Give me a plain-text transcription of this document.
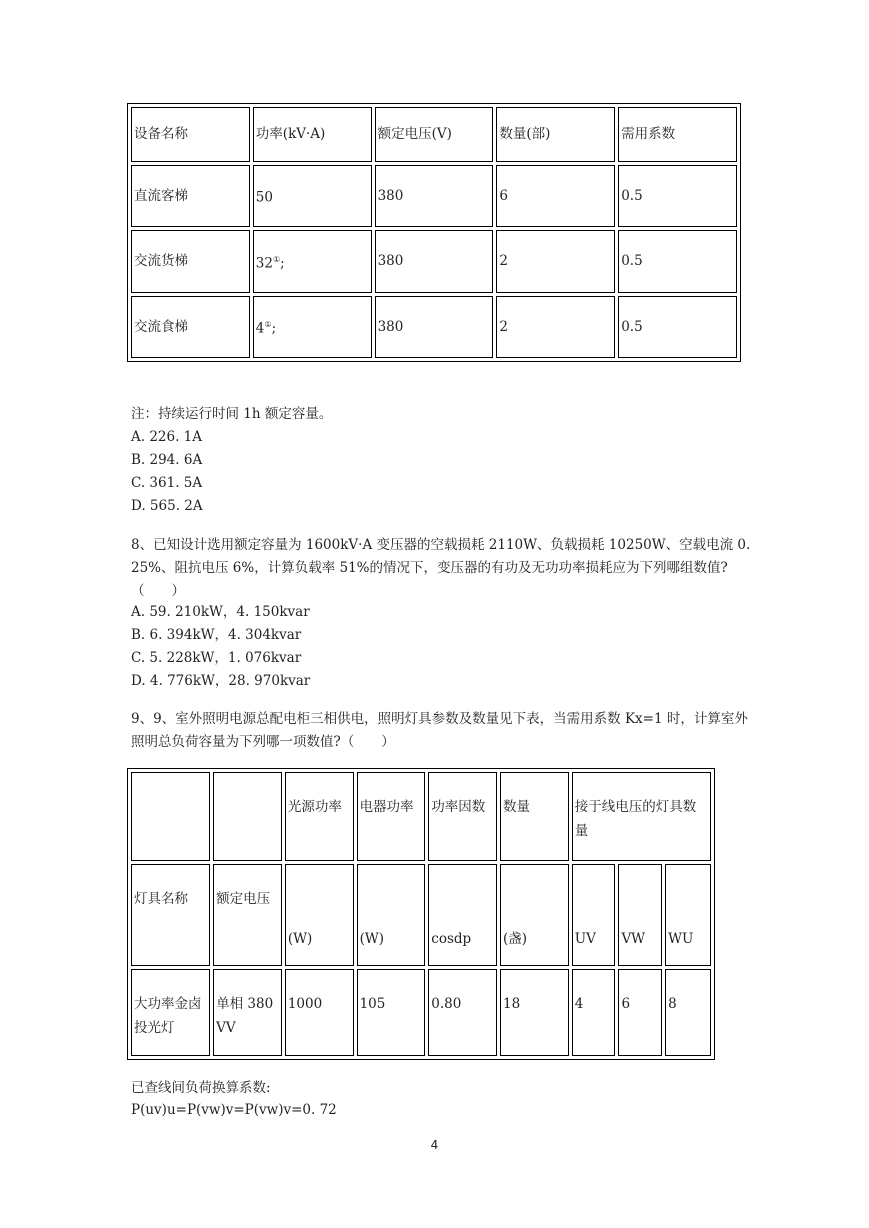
设备名称	功率(kV·A)	额定电压(V)	数量(部)	需用系数
直流客梯	50	380	6	0.5
交流货梯	32①;	380	2	0.5
交流食梯	4①;	380	2	0.5
注：持续运行时间 1h 额定容量。
A. 226. 1A
B. 294. 6A
C. 361. 5A
D. 565. 2A
8、已知设计选用额定容量为 1600kV·A 变压器的空载损耗 2110W、负载损耗 10250W、空载电流 0. 25%、阻抗电压 6%，计算负载率 51%的情况下，变压器的有功及无功功率损耗应为下列哪组数值?（　　）
A. 59. 210kW，4. 150kvar
B. 6. 394kW，4. 304kvar
C. 5. 228kW，1. 076kvar
D. 4. 776kW，28. 970kvar
9、9、室外照明电源总配电柜三相供电，照明灯具参数及数量见下表，当需用系数 Kx=1 时，计算室外照明总负荷容量为下列哪一项数值?（　　）
		光源功率	电器功率	功率因数	数量	接于线电压的灯具数量		
灯具名称	额定电压	(W)	(W)	cosdp	(盏)	UV	VW	WU
大功率金卤投光灯	单相 380VV	1000	105	0.80	18	4	6	8
已查线间负荷换算系数:
P(uv)u=P(vw)v=P(vw)v=0. 72
4
